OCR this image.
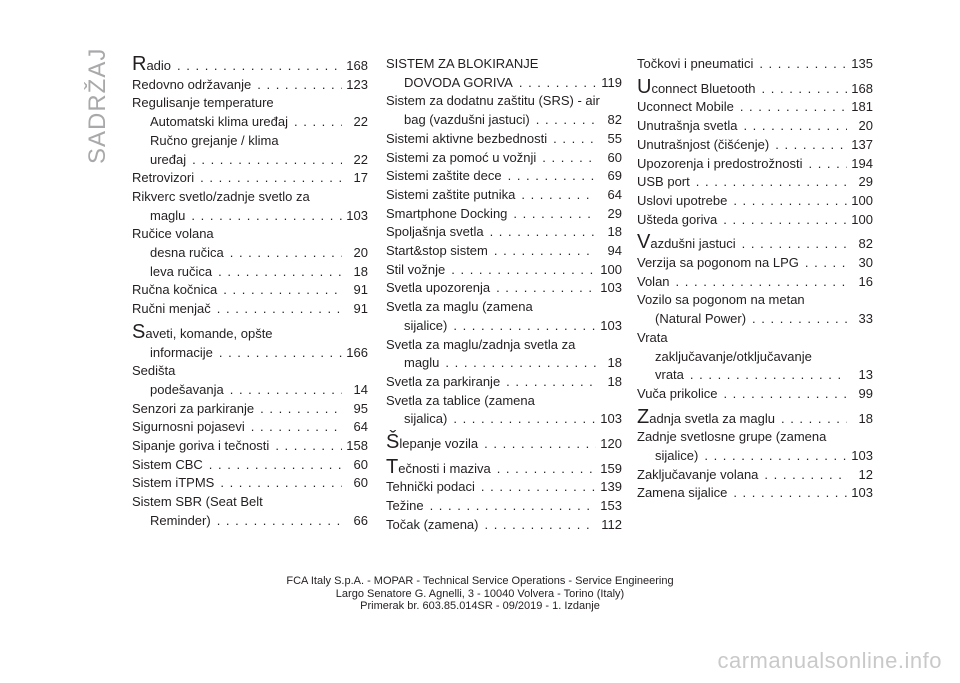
SADRŽAJ Radio . . .	168
Redovno održavanje . . .	123
Regulisanje temperature
Automatski klima uređaj . . .	22
Ručno grejanje / klima
uređaj . . .	22
Retrovizori . . .	17
Rikverc svetlo/zadnje svetlo za
maglu . . .	103
Ručice volana
desna ručica . . .	20
leva ručica . . .	18
Ručna kočnica . . .	91
Ručni menjač . . .	91
Saveti, komande, opšte
informacije . . .	166
Sedišta
podešavanja . . .	14
Senzori za parkiranje . . .	95
Sigurnosni pojasevi . . .	64
Sipanje goriva i tečnosti . . .	158
Sistem CBC . . .	60
Sistem iTPMS . . .	60
Sistem SBR (Seat Belt
Reminder) . . .	66
SISTEM ZA BLOKIRANJE
DOVODA GORIVA . . .	119
Sistem za dodatnu zaštitu (SRS) - air
bag (vazdušni jastuci) . . .	82
Sistemi aktivne bezbednosti . . .	55
Sistemi za pomoć u vožnji . . .	60
Sistemi zaštite dece . . .	69
Sistemi zaštite putnika . . .	64
Smartphone Docking . . .	29
Spoljašnja svetla . . .	18
Start&stop sistem . . .	94
Stil vožnje . . .	100
Svetla upozorenja . . .	103
Svetla za maglu (zamena
sijalice) . . .	103
Svetla za maglu/zadnja svetla za
maglu . . .	18
Svetla za parkiranje . . .	18
Svetla za tablice (zamena
sijalica) . . .	103
Šlepanje vozila . . .	120
Tečnosti i maziva . . .	159
Tehnički podaci . . .	139
Težine . . .	153
Točak (zamena) . . .	112
Točkovi i pneumatici . . .	135
Uconnect Bluetooth . . .	168
Uconnect Mobile . . .	181
Unutrašnja svetla . . .	20
Unutrašnjost (čišćenje) . . .	137
Upozorenja i predostrožnosti . . .	194
USB port . . .	29
Uslovi upotrebe . . .	100
Ušteda goriva . . .	100
Vazdušni jastuci . . .	82
Verzija sa pogonom na LPG . . .	30
Volan . . .	16
Vozilo sa pogonom na metan
(Natural Power) . . .	33
Vrata
zaključavanje/otključavanje
vrata . . .	13
Vuča prikolice . . .	99
Zadnja svetla za maglu . . .	18
Zadnje svetlosne grupe (zamena
sijalice) . . .	103
Zaključavanje volana . . .	12
Zamena sijalice . . .	103
FCA Italy S.p.A. - MOPAR - Technical Service Operations - Service Engineering
Largo Senatore G. Agnelli, 3 - 10040 Volvera - Torino (Italy)
Primerak br. 603.85.014SR - 09/2019 - 1. Izdanje
carmanualsonline.info
